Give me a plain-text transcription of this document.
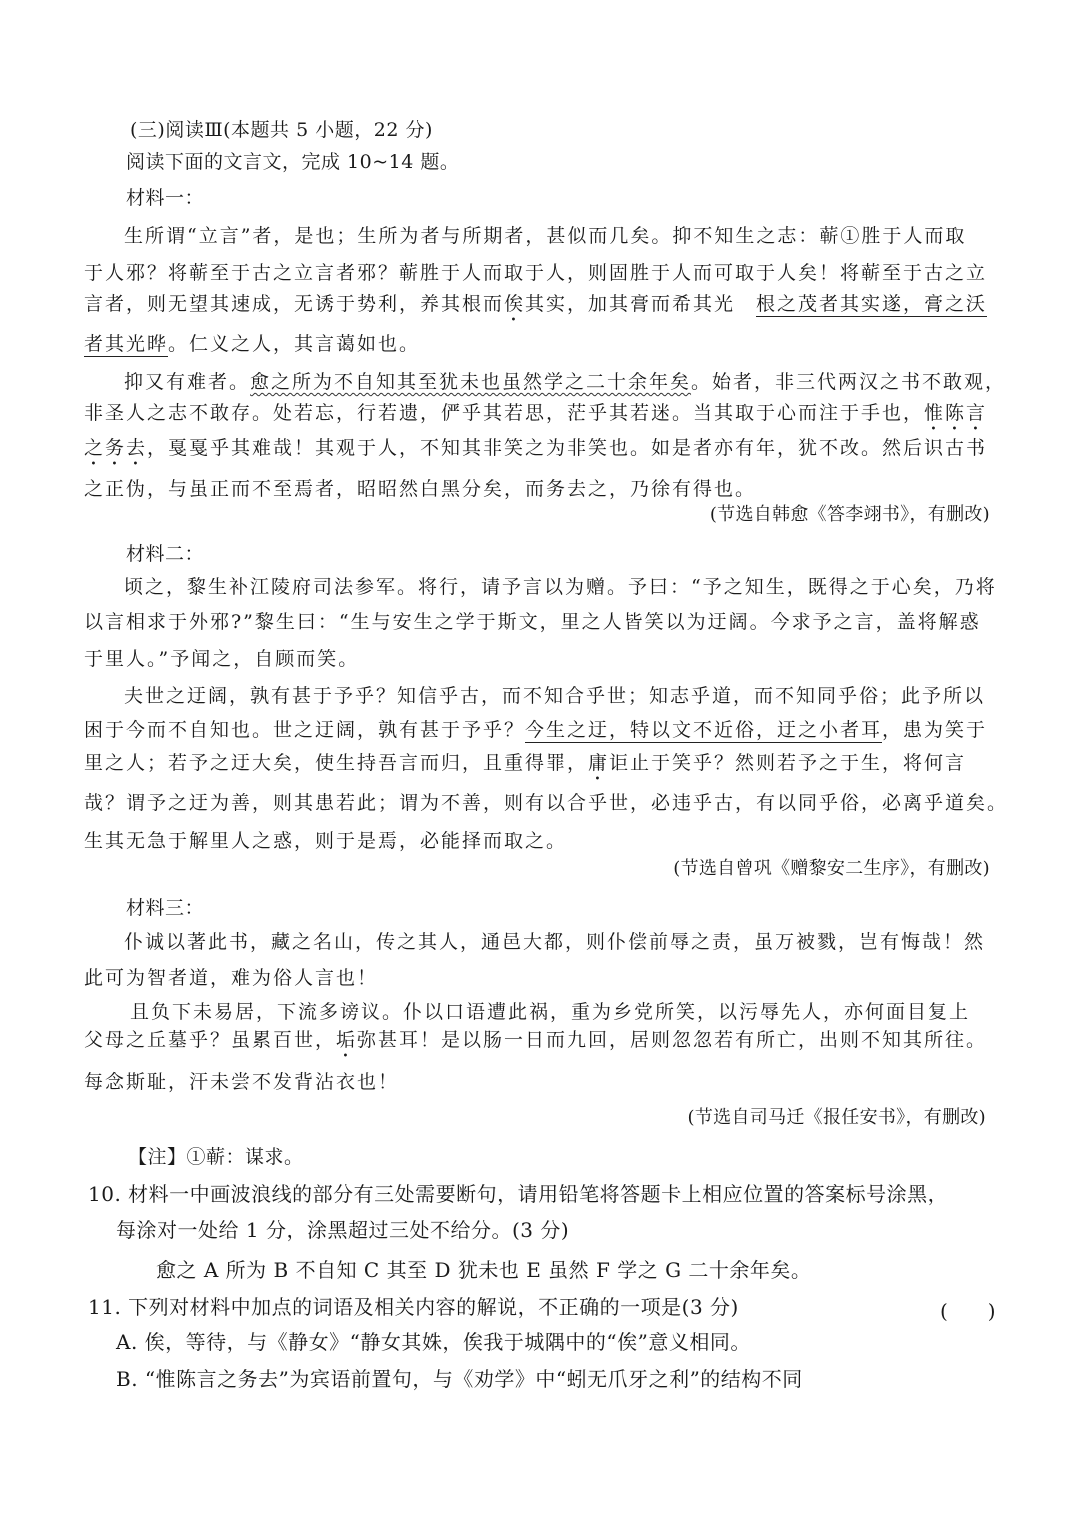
(三)阅读Ⅲ(本题共 5 小题，22 分)
阅读下面的文言文，完成 10~14 题。
材料一：
生所谓“立言”者，是也；生所为者与所期者，甚似而几矣。抑不知生之志：蕲①胜于人而取
于人邪？将蕲至于古之立言者邪？蕲胜于人而取于人，则固胜于人而可取于人矣！将蕲至于古之立
言者，则无望其速成，无诱于势利，养其根而俟其实，加其膏而希其光　根之茂者其实遂，膏之沃
者其光晔。仁义之人，其言蔼如也。
抑又有难者。愈之所为不自知其至犹未也虽然学之二十余年矣。始者，非三代两汉之书不敢观，
非圣人之志不敢存。处若忘，行若遗，俨乎其若思，茫乎其若迷。当其取于心而注于手也，惟陈言
之务去，戛戛乎其难哉！其观于人，不知其非笑之为非笑也。如是者亦有年，犹不改。然后识古书
之正伪，与虽正而不至焉者，昭昭然白黑分矣，而务去之，乃徐有得也。
(节选自韩愈《答李翊书》，有删改)
材料二：
顷之，黎生补江陵府司法参军。将行，请予言以为赠。予曰：“予之知生，既得之于心矣，乃将
以言相求于外邪?”黎生曰：“生与安生之学于斯文，里之人皆笑以为迂阔。今求予之言，盖将解惑
于里人。”予闻之，自顾而笑。
夫世之迂阔，孰有甚于予乎？知信乎古，而不知合乎世；知志乎道，而不知同乎俗；此予所以
困于今而不自知也。世之迂阔，孰有甚于予乎？今生之迂，特以文不近俗，迂之小者耳，患为笑于
里之人；若予之迂大矣，使生持吾言而归，且重得罪，庸讵止于笑乎？然则若予之于生，将何言
哉？谓予之迂为善，则其患若此；谓为不善，则有以合乎世，必违乎古，有以同乎俗，必离乎道矣。
生其无急于解里人之惑，则于是焉，必能择而取之。
(节选自曾巩《赠黎安二生序》，有删改)
材料三：
仆诚以著此书，藏之名山，传之其人，通邑大都，则仆偿前辱之责，虽万被戮，岂有悔哉！然
此可为智者道，难为俗人言也！
且负下未易居，下流多谤议。仆以口语遭此祸，重为乡党所笑，以污辱先人，亦何面目复上
父母之丘墓乎？虽累百世，垢弥甚耳！是以肠一日而九回，居则忽忽若有所亡，出则不知其所往。
每念斯耻，汗未尝不发背沾衣也！
(节选自司马迁《报任安书》，有删改)
【注】①蕲：谋求。
10. 材料一中画波浪线的部分有三处需要断句，请用铅笔将答题卡上相应位置的答案标号涂黑，
每涂对一处给 1 分，涂黑超过三处不给分。(3 分)
愈之 A 所为 B 不自知 C 其至 D 犹未也 E 虽然 F 学之 G 二十余年矣。
11. 下列对材料中加点的词语及相关内容的解说，不正确的一项是(3 分)	(　　)
A. 俟，等待，与《静女》“静女其姝，俟我于城隅中的“俟”意义相同。
B. “惟陈言之务去”为宾语前置句，与《劝学》中“蚓无爪牙之利”的结构不同
